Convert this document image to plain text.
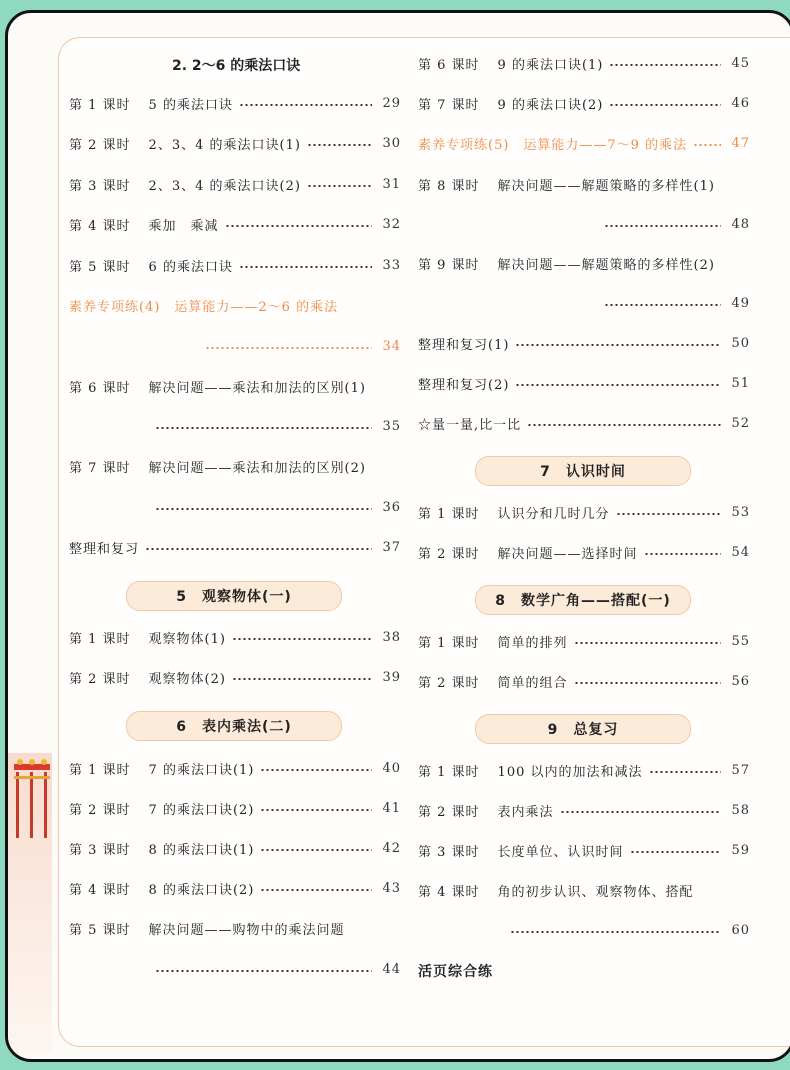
2. 2～6 的乘法口诀
5　观察物体(一)
6　表内乘法(二)
7　认识时间
8　数学广角——搭配(一)
9　总复习
活页综合练
第 1 课时 5 的乘法口诀	29
第 2 课时 2、3、4 的乘法口诀(1)	30
第 3 课时 2、3、4 的乘法口诀(2)	31
第 4 课时 乘加　乘减	32
第 5 课时 6 的乘法口诀	33
素养专项练(4)　运算能力——2～6 的乘法
34
第 6 课时 解决问题——乘法和加法的区别(1)
35
第 7 课时 解决问题——乘法和加法的区别(2)
36
整理和复习	37
第 1 课时 观察物体(1)	38
第 2 课时 观察物体(2)	39
第 1 课时 7 的乘法口诀(1)	40
第 2 课时 7 的乘法口诀(2)	41
第 3 课时 8 的乘法口诀(1)	42
第 4 课时 8 的乘法口诀(2)	43
第 5 课时 解决问题——购物中的乘法问题
44
第 6 课时 9 的乘法口诀(1)	45
第 7 课时 9 的乘法口诀(2)	46
素养专项练(5)　运算能力——7～9 的乘法	47
第 8 课时 解决问题——解题策略的多样性(1)
48
第 9 课时 解决问题——解题策略的多样性(2)
49
整理和复习(1)	50
整理和复习(2)	51
☆量一量,比一比	52
第 1 课时 认识分和几时几分	53
第 2 课时 解决问题——选择时间	54
第 1 课时 简单的排列	55
第 2 课时 简单的组合	56
第 1 课时 100 以内的加法和减法	57
第 2 课时 表内乘法	58
第 3 课时 长度单位、认识时间	59
第 4 课时 角的初步认识、观察物体、搭配
60
